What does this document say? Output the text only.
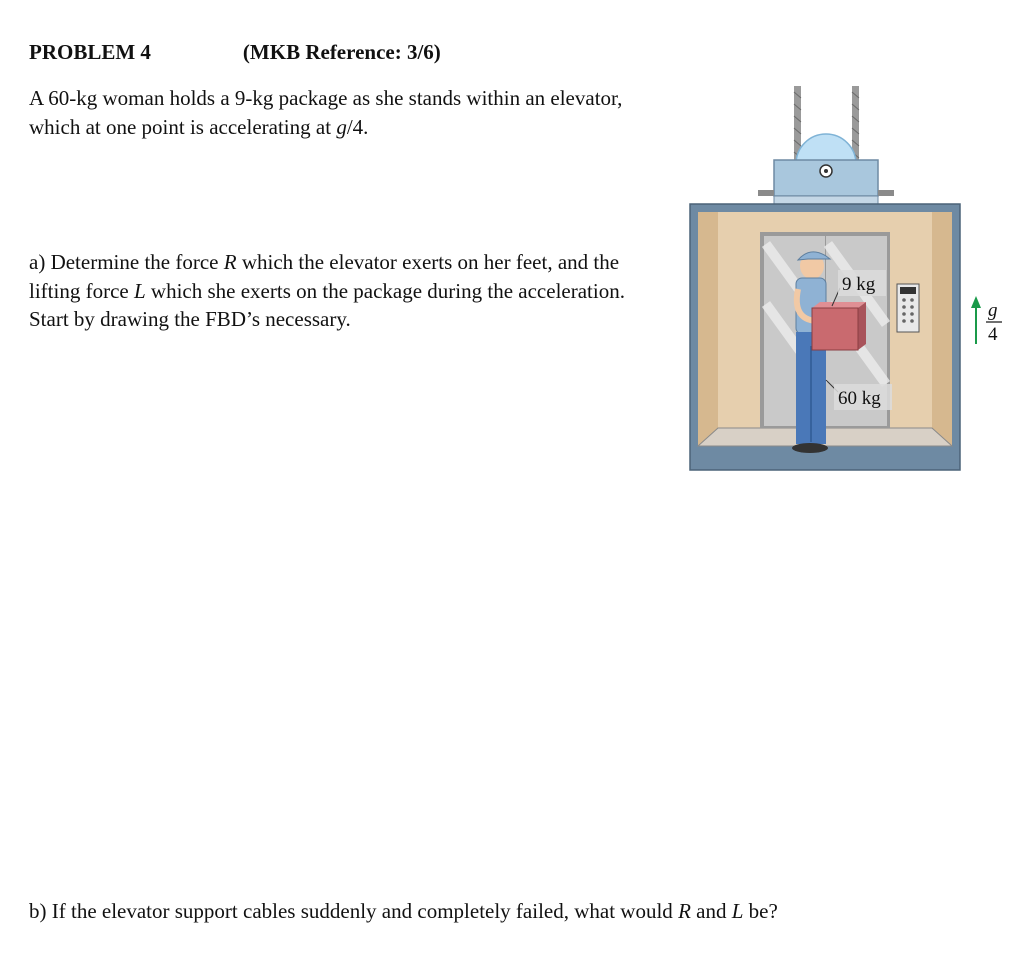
PROBLEM 4	(MKB Reference: 3/6)
A 60-kg woman holds a 9-kg package as she stands within an elevator, which at one point is accelerating at g/4.
a) Determine the force R which the elevator exerts on her feet, and the lifting force L which she exerts on the package during the acceleration. Start by drawing the FBD’s necessary.
b) If the elevator support cables suddenly and completely failed, what would R and L be?
9 kg
60 kg
g
4
